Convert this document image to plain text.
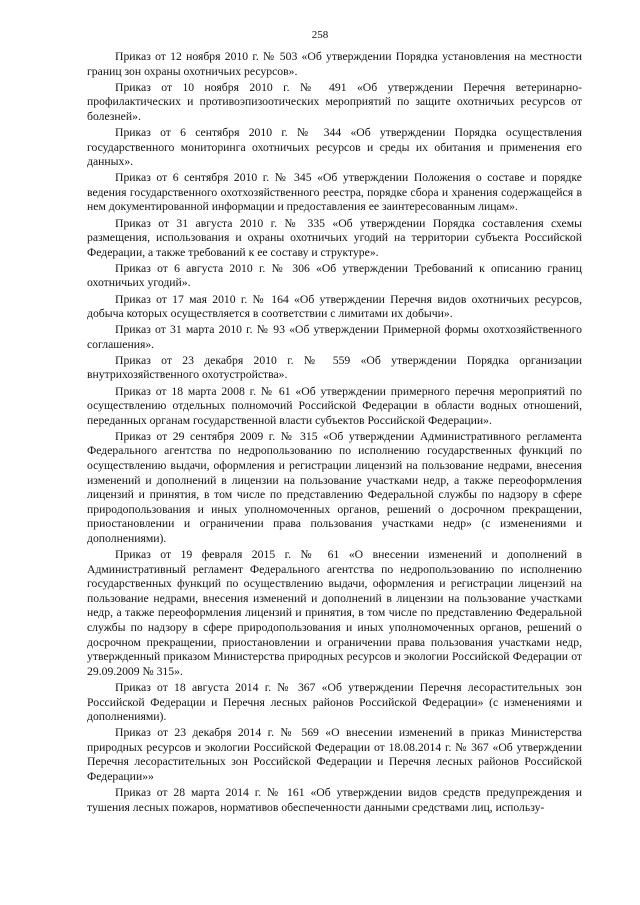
258

Приказ от 12 ноября 2010 г. № 503 «Об утверждении Порядка установления на местности границ зон охраны охотничьих ресурсов».

Приказ от 10 ноября 2010 г. № 491 «Об утверждении Перечня ветеринарно-профилактических и противоэпизоотических мероприятий по защите охотничьих ресурсов от болезней».

Приказ от 6 сентября 2010 г. № 344 «Об утверждении Порядка осуществления государственного мониторинга охотничьих ресурсов и среды их обитания и применения его данных».

Приказ от 6 сентября 2010 г. № 345 «Об утверждении Положения о составе и порядке ведения государственного охотхозяйственного реестра, порядке сбора и хранения содержащейся в нем документированной информации и предоставления ее заинтересованным лицам».

Приказ от 31 августа 2010 г. № 335 «Об утверждении Порядка составления схемы размещения, использования и охраны охотничьих угодий на территории субъекта Российской Федерации, а также требований к ее составу и структуре».

Приказ от 6 августа 2010 г. № 306 «Об утверждении Требований к описанию границ охотничьих угодий».

Приказ от 17 мая 2010 г. № 164 «Об утверждении Перечня видов охотничьих ресурсов, добыча которых осуществляется в соответствии с лимитами их добычи».

Приказ от 31 марта 2010 г. № 93 «Об утверждении Примерной формы охотхозяйственного соглашения».

Приказ от 23 декабря 2010 г. № 559 «Об утверждении Порядка организации внутрихозяйственного охотустройства».

Приказ от 18 марта 2008 г. № 61 «Об утверждении примерного перечня мероприятий по осуществлению отдельных полномочий Российской Федерации в области водных отношений, переданных органам государственной власти субъектов Российской Федерации».

Приказ от 29 сентября 2009 г. № 315 «Об утверждении Административного регламента Федерального агентства по недропользованию по исполнению государственных функций по осуществлению выдачи, оформления и регистрации лицензий на пользование недрами, внесения изменений и дополнений в лицензии на пользование участками недр, а также переоформления лицензий и принятия, в том числе по представлению Федеральной службы по надзору в сфере природопользования и иных уполномоченных органов, решений о досрочном прекращении, приостановлении и ограничении права пользования участками недр» (с изменениями и дополнениями).

Приказ от 19 февраля 2015 г. № 61 «О внесении изменений и дополнений в Административный регламент Федерального агентства по недропользованию по исполнению государственных функций по осуществлению выдачи, оформления и регистрации лицензий на пользование недрами, внесения изменений и дополнений в лицензии на пользование участками недр, а также переоформления лицензий и принятия, в том числе по представлению Федеральной службы по надзору в сфере природопользования и иных уполномоченных органов, решений о досрочном прекращении, приостановлении и ограничении права пользования участками недр, утвержденный приказом Министерства природных ресурсов и экологии Российской Федерации от 29.09.2009 № 315».

Приказ от 18 августа 2014 г. № 367 «Об утверждении Перечня лесорастительных зон Российской Федерации и Перечня лесных районов Российской Федерации» (с изменениями и дополнениями).

Приказ от 23 декабря 2014 г. № 569 «О внесении изменений в приказ Министерства природных ресурсов и экологии Российской Федерации от 18.08.2014 г. № 367 «Об утверждении Перечня лесорастительных зон Российской Федерации и Перечня лесных районов Российской Федерации»»

Приказ от 28 марта 2014 г. № 161 «Об утверждении видов средств предупреждения и тушения лесных пожаров, нормативов обеспеченности данными средствами лиц, использу-
